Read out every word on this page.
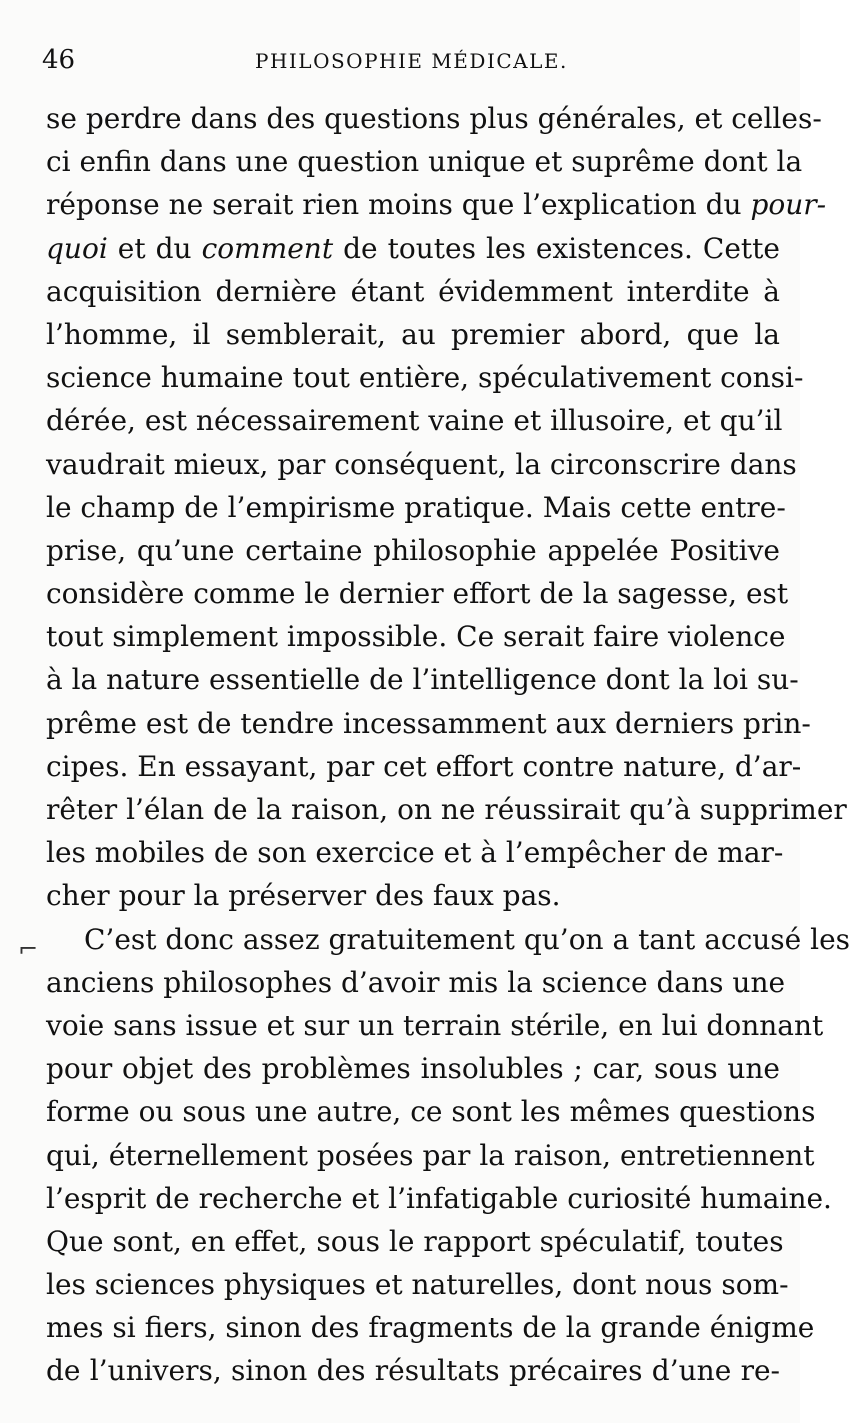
46	PHILOSOPHIE MÉDICALE.
⌐
se perdre dans des questions plus générales, et celles-
ci enfin dans une question unique et suprême dont la
réponse ne serait rien moins que l’explication du pour-
quoi et du comment de toutes les existences. Cette
acquisition dernière étant évidemment interdite à
l’homme, il semblerait, au premier abord, que la
science humaine tout entière, spéculativement consi-
dérée, est nécessairement vaine et illusoire, et qu’il
vaudrait mieux, par conséquent, la circonscrire dans
le champ de l’empirisme pratique. Mais cette entre-
prise, qu’une certaine philosophie appelée Positive
considère comme le dernier effort de la sagesse, est
tout simplement impossible. Ce serait faire violence
à la nature essentielle de l’intelligence dont la loi su-
prême est de tendre incessamment aux derniers prin-
cipes. En essayant, par cet effort contre nature, d’ar-
rêter l’élan de la raison, on ne réussirait qu’à supprimer
les mobiles de son exercice et à l’empêcher de mar-
cher pour la préserver des faux pas.
C’est donc assez gratuitement qu’on a tant accusé les
anciens philosophes d’avoir mis la science dans une
voie sans issue et sur un terrain stérile, en lui donnant
pour objet des problèmes insolubles ; car, sous une
forme ou sous une autre, ce sont les mêmes questions
qui, éternellement posées par la raison, entretiennent
l’esprit de recherche et l’infatigable curiosité humaine.
Que sont, en effet, sous le rapport spéculatif, toutes
les sciences physiques et naturelles, dont nous som-
mes si fiers, sinon des fragments de la grande énigme
de l’univers, sinon des résultats précaires d’une re-
